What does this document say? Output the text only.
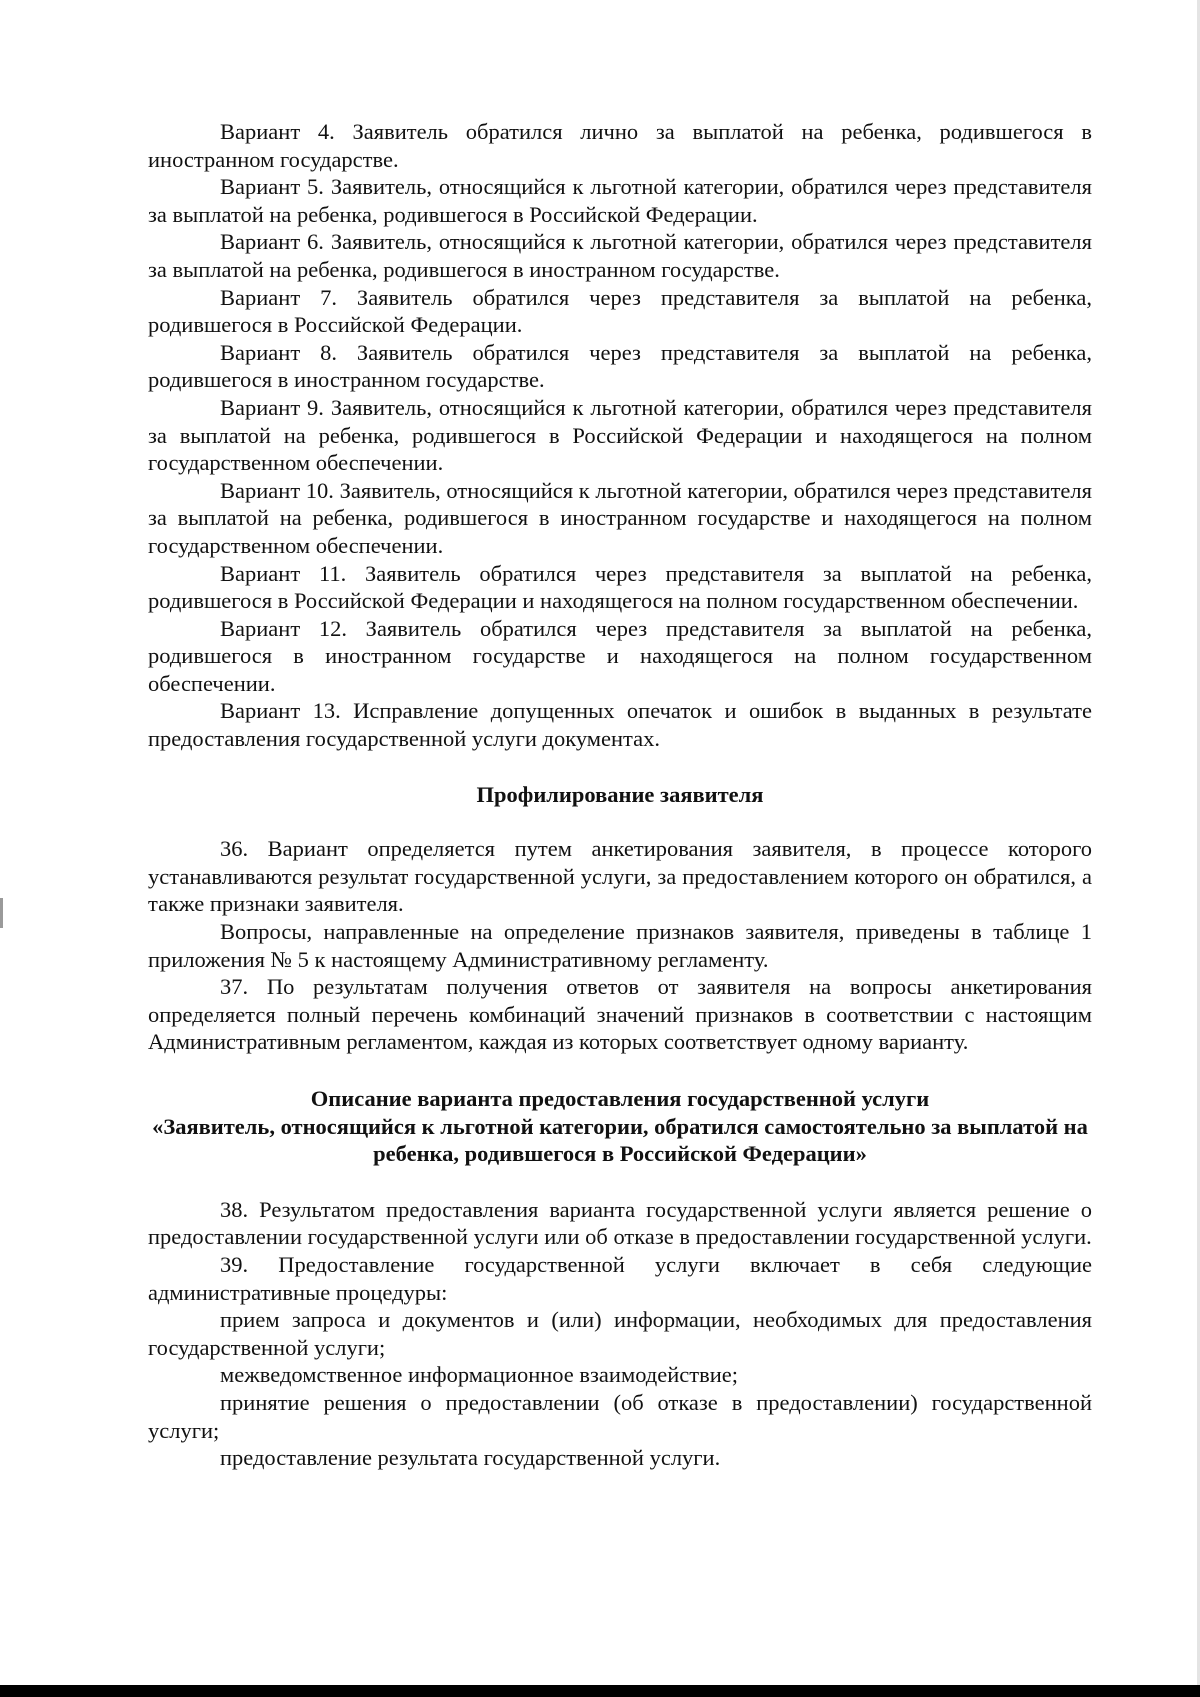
Вариант 4. Заявитель обратился лично за выплатой на ребенка, родившегося в иностранном государстве.

Вариант 5. Заявитель, относящийся к льготной категории, обратился через представителя за выплатой на ребенка, родившегося в Российской Федерации.

Вариант 6. Заявитель, относящийся к льготной категории, обратился через представителя за выплатой на ребенка, родившегося в иностранном государстве.

Вариант 7. Заявитель обратился через представителя за выплатой на ребенка, родившегося в Российской Федерации.

Вариант 8. Заявитель обратился через представителя за выплатой на ребенка, родившегося в иностранном государстве.

Вариант 9. Заявитель, относящийся к льготной категории, обратился через представителя за выплатой на ребенка, родившегося в Российской Федерации и находящегося на полном государственном обеспечении.

Вариант 10. Заявитель, относящийся к льготной категории, обратился через представителя за выплатой на ребенка, родившегося в иностранном государстве и находящегося на полном государственном обеспечении.

Вариант 11. Заявитель обратился через представителя за выплатой на ребенка, родившегося в Российской Федерации и находящегося на полном государственном обеспечении.

Вариант 12. Заявитель обратился через представителя за выплатой на ребенка, родившегося в иностранном государстве и находящегося на полном государственном обеспечении.

Вариант 13. Исправление допущенных опечаток и ошибок в выданных в результате предоставления государственной услуги документах.

Профилирование заявителя

36. Вариант определяется путем анкетирования заявителя, в процессе которого устанавливаются результат государственной услуги, за предоставлением которого он обратился, а также признаки заявителя.

Вопросы, направленные на определение признаков заявителя, приведены в таблице 1 приложения № 5 к настоящему Административному регламенту.

37. По результатам получения ответов от заявителя на вопросы анкетирования определяется полный перечень комбинаций значений признаков в соответствии с настоящим Административным регламентом, каждая из которых соответствует одному варианту.

Описание варианта предоставления государственной услуги
«Заявитель, относящийся к льготной категории, обратился самостоятельно за выплатой на ребенка, родившегося в Российской Федерации»

38. Результатом предоставления варианта государственной услуги является решение о предоставлении государственной услуги или об отказе в предоставлении государственной услуги.

39. Предоставление государственной услуги включает в себя следующие административные процедуры:

прием запроса и документов и (или) информации, необходимых для предоставления государственной услуги;

межведомственное информационное взаимодействие;

принятие решения о предоставлении (об отказе в предоставлении) государственной услуги;

предоставление результата государственной услуги.
